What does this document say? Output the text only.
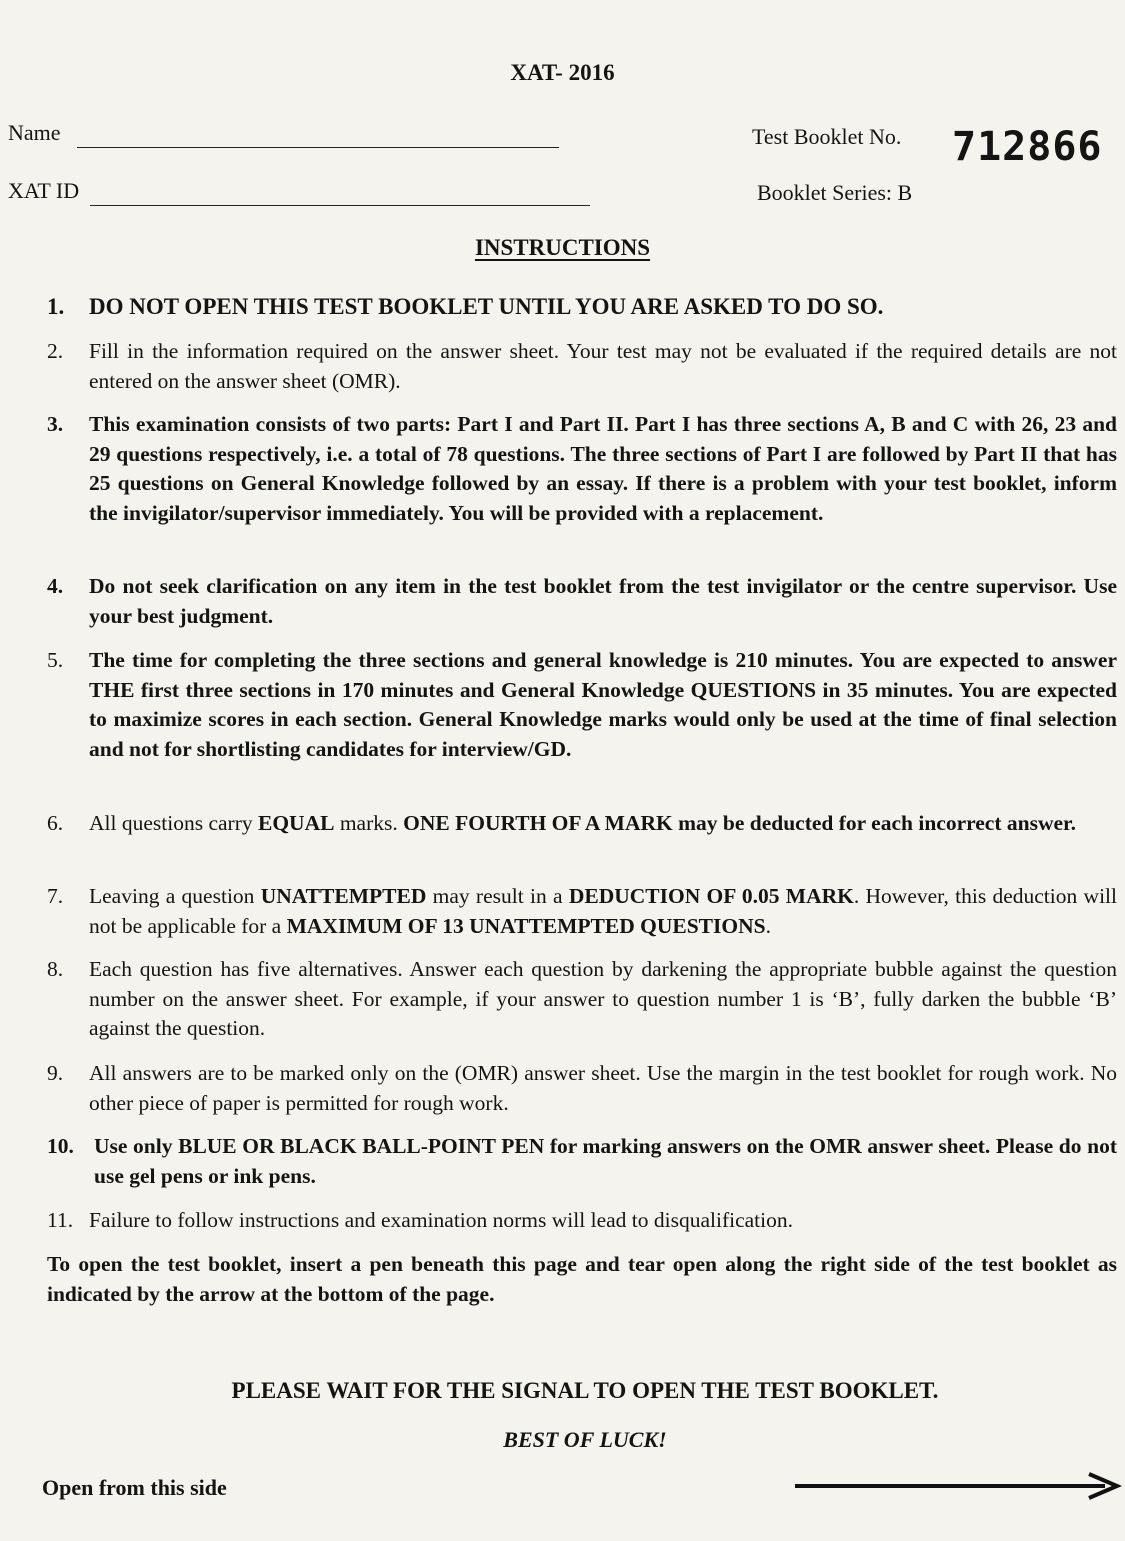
XAT- 2016
Name
XAT ID
Test Booklet No. 712866
Booklet Series: B
INSTRUCTIONS
1. DO NOT OPEN THIS TEST BOOKLET UNTIL YOU ARE ASKED TO DO SO.
2. Fill in the information required on the answer sheet. Your test may not be evaluated if the required details are not entered on the answer sheet (OMR).
3. This examination consists of two parts: Part I and Part II. Part I has three sections A, B and C with 26, 23 and 29 questions respectively, i.e. a total of 78 questions. The three sections of Part I are followed by Part II that has 25 questions on General Knowledge followed by an essay. If there is a problem with your test booklet, inform the invigilator/supervisor immediately. You will be provided with a replacement.
4. Do not seek clarification on any item in the test booklet from the test invigilator or the centre supervisor. Use your best judgment.
5. The time for completing the three sections and general knowledge is 210 minutes. You are expected to answer THE first three sections in 170 minutes and General Knowledge QUESTIONS in 35 minutes. You are expected to maximize scores in each section. General Knowledge marks would only be used at the time of final selection and not for shortlisting candidates for interview/GD.
6. All questions carry EQUAL marks. ONE FOURTH OF A MARK may be deducted for each incorrect answer.
7. Leaving a question UNATTEMPTED may result in a DEDUCTION OF 0.05 MARK. However, this deduction will not be applicable for a MAXIMUM OF 13 UNATTEMPTED QUESTIONS.
8. Each question has five alternatives. Answer each question by darkening the appropriate bubble against the question number on the answer sheet. For example, if your answer to question number 1 is ‘B’, fully darken the bubble ‘B’ against the question.
9. All answers are to be marked only on the (OMR) answer sheet. Use the margin in the test booklet for rough work. No other piece of paper is permitted for rough work.
10. Use only BLUE OR BLACK BALL-POINT PEN for marking answers on the OMR answer sheet. Please do not use gel pens or ink pens.
11. Failure to follow instructions and examination norms will lead to disqualification.
To open the test booklet, insert a pen beneath this page and tear open along the right side of the test booklet as indicated by the arrow at the bottom of the page.
PLEASE WAIT FOR THE SIGNAL TO OPEN THE TEST BOOKLET.
BEST OF LUCK!
Open from this side
